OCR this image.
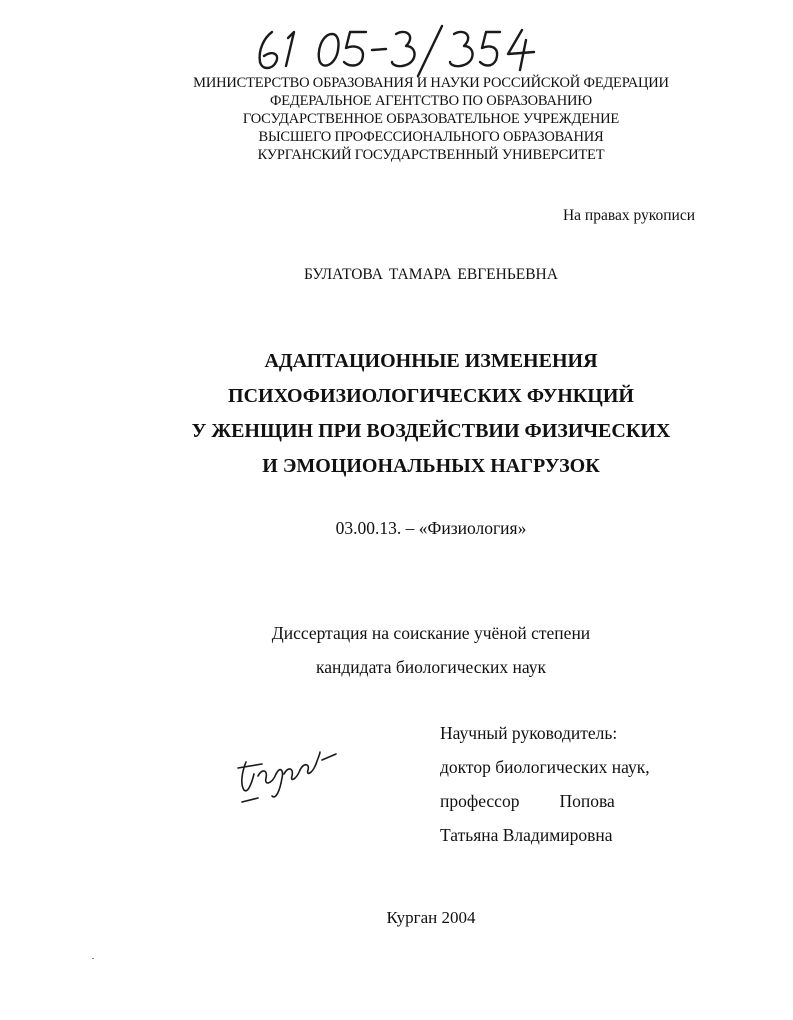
МИНИСТЕРСТВО ОБРАЗОВАНИЯ И НАУКИ РОССИЙСКОЙ ФЕДЕРАЦИИ
ФЕДЕРАЛЬНОЕ АГЕНТСТВО ПО ОБРАЗОВАНИЮ
ГОСУДАРСТВЕННОЕ ОБРАЗОВАТЕЛЬНОЕ УЧРЕЖДЕНИЕ
ВЫСШЕГО ПРОФЕССИОНАЛЬНОГО ОБРАЗОВАНИЯ
КУРГАНСКИЙ ГОСУДАРСТВЕННЫЙ УНИВЕРСИТЕТ
На правах рукописи
БУЛАТОВА ТАМАРА ЕВГЕНЬЕВНА
АДАПТАЦИОННЫЕ ИЗМЕНЕНИЯ
ПСИХОФИЗИОЛОГИЧЕСКИХ ФУНКЦИЙ
У ЖЕНЩИН ПРИ ВОЗДЕЙСТВИИ ФИЗИЧЕСКИХ
И ЭМОЦИОНАЛЬНЫХ НАГРУЗОК
03.00.13. – «Физиология»
Диссертация на соискание учёной степени
кандидата биологических наук
Научный руководитель:
доктор биологических наук,
профессор Попова
Татьяна Владимировна
Курган 2004
